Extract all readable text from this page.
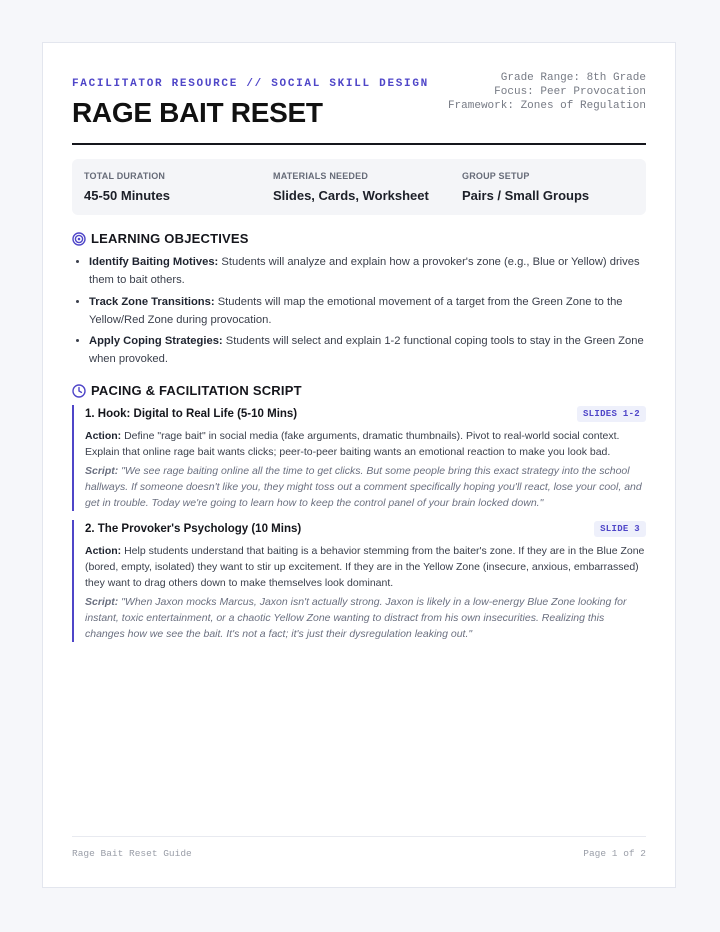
FACILITATOR RESOURCE // SOCIAL SKILL DESIGN
RAGE BAIT RESET
Grade Range: 8th Grade
Focus: Peer Provocation
Framework: Zones of Regulation
TOTAL DURATION
45-50 Minutes
MATERIALS NEEDED
Slides, Cards, Worksheet
GROUP SETUP
Pairs / Small Groups
LEARNING OBJECTIVES
• Identify Baiting Motives: Students will analyze and explain how a provoker's zone (e.g., Blue or Yellow) drives them to bait others.
• Track Zone Transitions: Students will map the emotional movement of a target from the Green Zone to the Yellow/Red Zone during provocation.
• Apply Coping Strategies: Students will select and explain 1-2 functional coping tools to stay in the Green Zone when provoked.
PACING & FACILITATION SCRIPT
1. Hook: Digital to Real Life (5-10 Mins)	SLIDES 1-2
Action: Define "rage bait" in social media (fake arguments, dramatic thumbnails). Pivot to real-world social context. Explain that online rage bait wants clicks; peer-to-peer baiting wants an emotional reaction to make you look bad.
Script: "We see rage baiting online all the time to get clicks. But some people bring this exact strategy into the school hallways. If someone doesn't like you, they might toss out a comment specifically hoping you'll react, lose your cool, and get in trouble. Today we're going to learn how to keep the control panel of your brain locked down."
2. The Provoker's Psychology (10 Mins)	SLIDE 3
Action: Help students understand that baiting is a behavior stemming from the baiter's zone. If they are in the Blue Zone (bored, empty, isolated) they want to stir up excitement. If they are in the Yellow Zone (insecure, anxious, embarrassed) they want to drag others down to make themselves look dominant.
Script: "When Jaxon mocks Marcus, Jaxon isn't actually strong. Jaxon is likely in a low-energy Blue Zone looking for instant, toxic entertainment, or a chaotic Yellow Zone wanting to distract from his own insecurities. Realizing this changes how we see the bait. It's not a fact; it's just their dysregulation leaking out."
Rage Bait Reset Guide	Page 1 of 2
